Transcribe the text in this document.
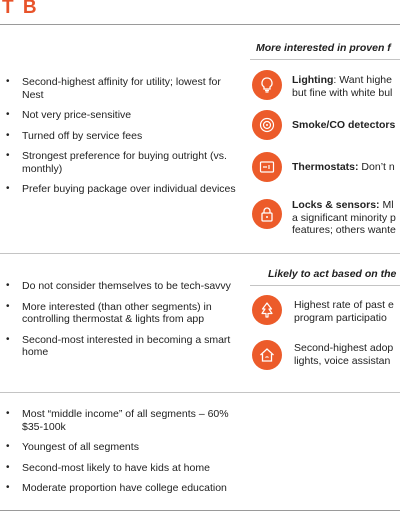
T B
More interested in proven f
• Second-highest affinity for utility; lowest for Nest
• Not very price-sensitive
• Turned off by service fees
• Strongest preference for buying outright (vs. monthly)
• Prefer buying package over individual devices
Lighting: Want highe
but fine with white bul
Smoke/CO detectors
Thermostats: Don’t n
Locks & sensors: Ml
a significant minority p
features; others wante
Likely to act based on the
• Do not consider themselves to be tech-savvy
• More interested (than other segments) in controlling thermostat & lights from app
• Second-most interested in becoming a smart home
Highest rate of past e
program participatio
Second-highest adop
lights, voice assistan
• Most “middle income” of all segments – 60% $35-100k
• Youngest of all segments
• Second-most likely to have kids at home
• Moderate proportion have college education
